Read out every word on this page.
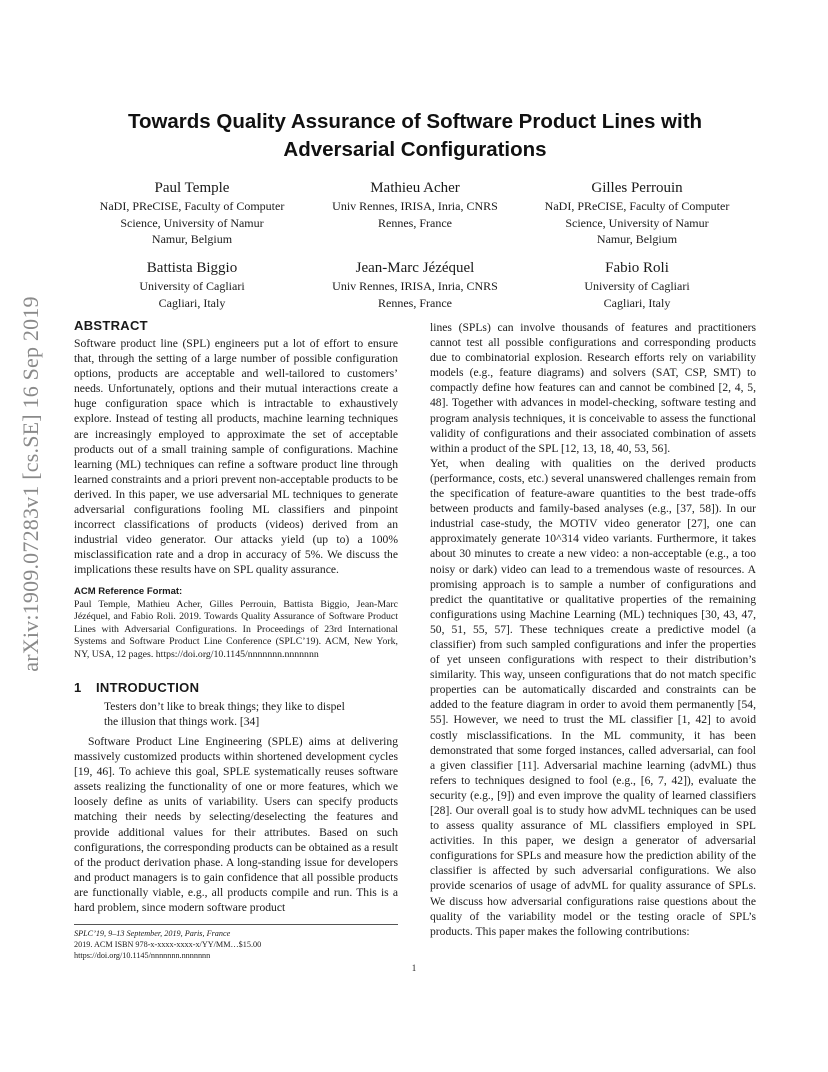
arXiv:1909.07283v1 [cs.SE] 16 Sep 2019
Towards Quality Assurance of Software Product Lines with
Adversarial Configurations
Paul Temple
NaDI, PReCISE, Faculty of Computer
Science, University of Namur
Namur, Belgium
Mathieu Acher
Univ Rennes, IRISA, Inria, CNRS
Rennes, France
Gilles Perrouin
NaDI, PReCISE, Faculty of Computer
Science, University of Namur
Namur, Belgium
Battista Biggio
University of Cagliari
Cagliari, Italy
Jean-Marc Jézéquel
Univ Rennes, IRISA, Inria, CNRS
Rennes, France
Fabio Roli
University of Cagliari
Cagliari, Italy
ABSTRACT

Software product line (SPL) engineers put a lot of effort to ensure that, through the setting of a large number of possible configuration options, products are acceptable and well-tailored to customers’ needs. Unfortunately, options and their mutual interactions create a huge configuration space which is intractable to exhaustively explore. Instead of testing all products, machine learning techniques are increasingly employed to approximate the set of acceptable products out of a small training sample of configurations. Machine learning (ML) techniques can refine a software product line through learned constraints and a priori prevent non-acceptable products to be derived. In this paper, we use adversarial ML techniques to generate adversarial configurations fooling ML classifiers and pinpoint incorrect classifications of products (videos) derived from an industrial video generator. Our attacks yield (up to) a 100% misclassification rate and a drop in accuracy of 5%. We discuss the implications these results have on SPL quality assurance.

ACM Reference Format:
Paul Temple, Mathieu Acher, Gilles Perrouin, Battista Biggio, Jean-Marc Jézéquel, and Fabio Roli. 2019. Towards Quality Assurance of Software Product Lines with Adversarial Configurations. In Proceedings of 23rd International Systems and Software Product Line Conference (SPLC’19). ACM, New York, NY, USA, 12 pages. https://doi.org/10.1145/nnnnnnn.nnnnnnn
1 INTRODUCTION
Testers don’t like to break things; they like to dispel
the illusion that things work. [34]
Software Product Line Engineering (SPLE) aims at delivering massively customized products within shortened development cycles [19, 46]. To achieve this goal, SPLE systematically reuses software assets realizing the functionality of one or more features, which we loosely define as units of variability. Users can specify products matching their needs by selecting/deselecting the features and provide additional values for their attributes. Based on such configurations, the corresponding products can be obtained as a result of the product derivation phase. A long-standing issue for developers and product managers is to gain confidence that all possible products are functionally viable, e.g., all products compile and run. This is a hard problem, since modern software product

lines (SPLs) can involve thousands of features and practitioners cannot test all possible configurations and corresponding products due to combinatorial explosion. Research efforts rely on variability models (e.g., feature diagrams) and solvers (SAT, CSP, SMT) to compactly define how features can and cannot be combined [2, 4, 5, 48]. Together with advances in model-checking, software testing and program analysis techniques, it is conceivable to assess the functional validity of configurations and their associated combination of assets within a product of the SPL [12, 13, 18, 40, 53, 56].

Yet, when dealing with qualities on the derived products (performance, costs, etc.) several unanswered challenges remain from the specification of feature-aware quantities to the best trade-offs between products and family-based analyses (e.g., [37, 58]). In our industrial case-study, the MOTIV video generator [27], one can approximately generate 10^314 video variants. Furthermore, it takes about 30 minutes to create a new video: a non-acceptable (e.g., a too noisy or dark) video can lead to a tremendous waste of resources. A promising approach is to sample a number of configurations and predict the quantitative or qualitative properties of the remaining configurations using Machine Learning (ML) techniques [30, 43, 47, 50, 51, 55, 57]. These techniques create a predictive model (a classifier) from such sampled configurations and infer the properties of yet unseen configurations with respect to their distribution’s similarity. This way, unseen configurations that do not match specific properties can be automatically discarded and constraints can be added to the feature diagram in order to avoid them permanently [54, 55]. However, we need to trust the ML classifier [1, 42] to avoid costly misclassifications. In the ML community, it has been demonstrated that some forged instances, called adversarial, can fool a given classifier [11]. Adversarial machine learning (advML) thus refers to techniques designed to fool (e.g., [6, 7, 42]), evaluate the security (e.g., [9]) and even improve the quality of learned classifiers [28]. Our overall goal is to study how advML techniques can be used to assess quality assurance of ML classifiers employed in SPL activities. In this paper, we design a generator of adversarial configurations for SPLs and measure how the prediction ability of the classifier is affected by such adversarial configurations. We also provide scenarios of usage of advML for quality assurance of SPLs. We discuss how adversarial configurations raise questions about the quality of the variability model or the testing oracle of SPL’s products. This paper makes the following contributions:

SPLC’19, 9–13 September, 2019, Paris, France
2019. ACM ISBN 978-x-xxxx-xxxx-x/YY/MM…$15.00
https://doi.org/10.1145/nnnnnnn.nnnnnnn
1
